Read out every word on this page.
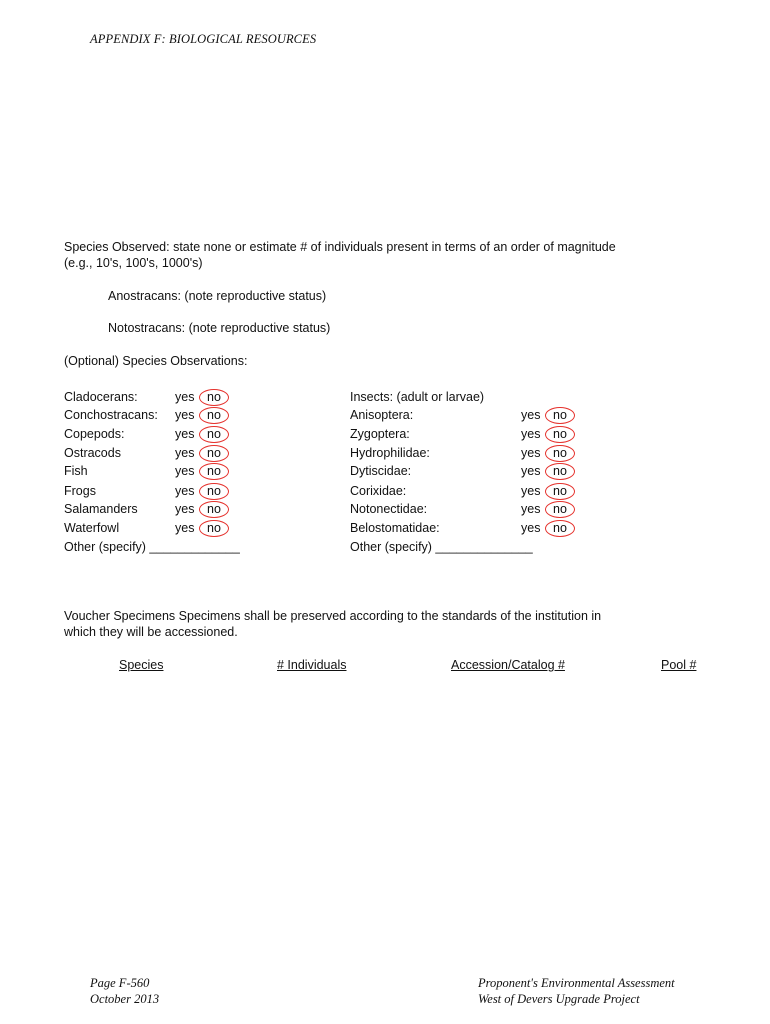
APPENDIX F: BIOLOGICAL RESOURCES
Species Observed: state none or estimate # of individuals present in terms of an order of magnitude (e.g., 10's, 100's, 1000's)
Anostracans: (note reproductive status)
Notostracans: (note reproductive status)
(Optional) Species Observations:
Cladocerans:	yes	no
Conchostracans: yes	no
Copepods:	yes	no
Ostracods	yes	no
Fish	yes	no
Frogs	yes	no
Salamanders	yes	no
Waterfowl	yes	no
Other (specify) _____________
Insects: (adult or larvae)
Anisoptera:	yes	no
Zygoptera:	yes	no
Hydrophilidae:	yes	no
Dytiscidae:	yes	no
Corixidae:	yes	no
Notonectidae:	yes	no
Belostomatidae:	yes	no
Other (specify) ______________
Voucher Specimens Specimens shall be preserved according to the standards of the institution in which they will be accessioned.
Species	# Individuals	Accession/Catalog #	Pool #
Page F-560
October 2013
Proponent's Environmental Assessment
West of Devers Upgrade Project
